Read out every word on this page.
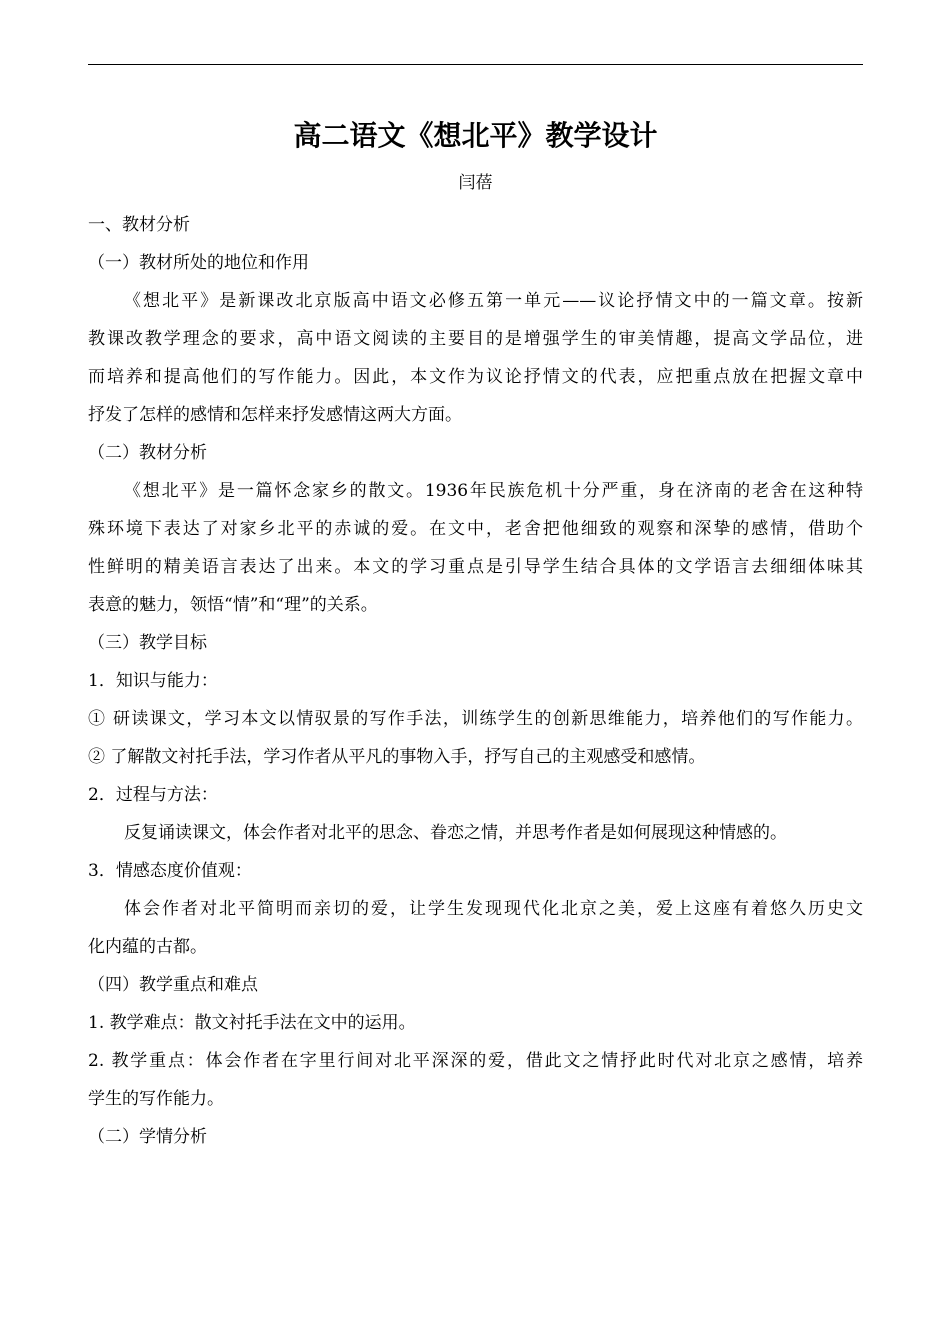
高二语文《想北平》教学设计
闫蓓
一、教材分析
（一）教材所处的地位和作用
《想北平》是新课改北京版高中语文必修五第一单元——议论抒情文中的一篇文章。按新
教课改教学理念的要求，高中语文阅读的主要目的是增强学生的审美情趣，提高文学品位，进
而培养和提高他们的写作能力。因此，本文作为议论抒情文的代表，应把重点放在把握文章中
抒发了怎样的感情和怎样来抒发感情这两大方面。
（二）教材分析
《想北平》是一篇怀念家乡的散文。1936年民族危机十分严重，身在济南的老舍在这种特
殊环境下表达了对家乡北平的赤诚的爱。在文中，老舍把他细致的观察和深挚的感情，借助个
性鲜明的精美语言表达了出来。本文的学习重点是引导学生结合具体的文学语言去细细体味其
表意的魅力，领悟“情”和“理”的关系。
（三）教学目标
1．知识与能力：
① 研读课文，学习本文以情驭景的写作手法，训练学生的创新思维能力，培养他们的写作能力。
② 了解散文衬托手法，学习作者从平凡的事物入手，抒写自己的主观感受和感情。
2．过程与方法：
反复诵读课文，体会作者对北平的思念、眷恋之情，并思考作者是如何展现这种情感的。
3．情感态度价值观：
体会作者对北平简明而亲切的爱，让学生发现现代化北京之美，爱上这座有着悠久历史文
化内蕴的古都。
（四）教学重点和难点
1. 教学难点：散文衬托手法在文中的运用。
2. 教学重点：体会作者在字里行间对北平深深的爱，借此文之情抒此时代对北京之感情，培养
学生的写作能力。
（二）学情分析
